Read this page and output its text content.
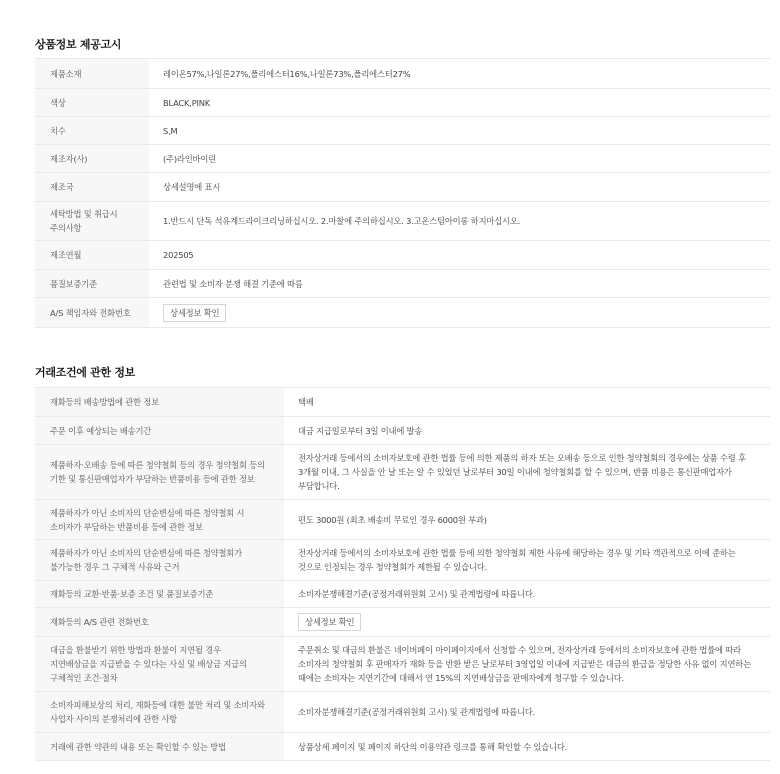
상품정보 제공고시
제품소재	레이온57%,나일론27%,폴리에스터16%,나일론73%,폴리에스터27%
색상	BLACK,PINK
치수	S,M
제조자(사)	(주)라인바이린
제조국	상세설명에 표시
세탁방법 및 취급시 주의사항	1.반드시 단독 석유계드라이크리닝하십시오. 2.마찰에 주의하십시오. 3.고온스팀아이롱 하지마십시오.
제조연월	202505
품질보증기준	관련법 및 소비자 분쟁 해결 기준에 따름
A/S 책임자와 전화번호	상세정보 확인
거래조건에 관한 정보
재화등의 배송방법에 관한 정보	택배
주문 이후 예상되는 배송기간	대금 지급일로부터 3일 이내에 발송
제품하자·오배송 등에 따른 청약철회 등의 경우 청약철회 등의 기한 및 통신판매업자가 부담하는 반품비용 등에 관한 정보	전자상거래 등에서의 소비자보호에 관한 법률 등에 의한 제품의 하자 또는 오배송 등으로 인한 청약철회의 경우에는 상품 수령 후 3개월 이내, 그 사실을 안 날 또는 알 수 있었던 날로부터 30일 이내에 청약철회를 할 수 있으며, 반품 비용은 통신판매업자가 부담합니다.
제품하자가 아닌 소비자의 단순변심에 따른 청약철회 시 소비자가 부담하는 반품비용 등에 관한 정보	편도 3000원 (최초 배송비 무료인 경우 6000원 부과)
제품하자가 아닌 소비자의 단순변심에 따른 청약철회가 불가능한 경우 그 구체적 사유와 근거	전자상거래 등에서의 소비자보호에 관한 법률 등에 의한 청약철회 제한 사유에 해당하는 경우 및 기타 객관적으로 이에 준하는 것으로 인정되는 경우 청약철회가 제한될 수 있습니다.
재화등의 교환·반품·보증 조건 및 품질보증기준	소비자분쟁해결기준(공정거래위원회 고시) 및 관계법령에 따릅니다.
재화등의 A/S 관련 전화번호	상세정보 확인
대금을 환불받기 위한 방법과 환불이 지연될 경우 지연배상금을 지급받을 수 있다는 사실 및 배상금 지급의 구체적인 조건·절차	주문취소 및 대금의 환불은 네이버페이 마이페이지에서 신청할 수 있으며, 전자상거래 등에서의 소비자보호에 관한 법률에 따라 소비자의 청약철회 후 판매자가 재화 등을 반환 받은 날로부터 3영업일 이내에 지급받은 대금의 환급을 정당한 사유 없이 지연하는 때에는 소비자는 지연기간에 대해서 연 15%의 지연배상금을 판매자에게 청구할 수 있습니다.
소비자피해보상의 처리, 재화등에 대한 불만 처리 및 소비자와 사업자 사이의 분쟁처리에 관한 사항	소비자분쟁해결기준(공정거래위원회 고시) 및 관계법령에 따릅니다.
거래에 관한 약관의 내용 또는 확인할 수 있는 방법	상품상세 페이지 및 페이지 하단의 이용약관 링크를 통해 확인할 수 있습니다.
